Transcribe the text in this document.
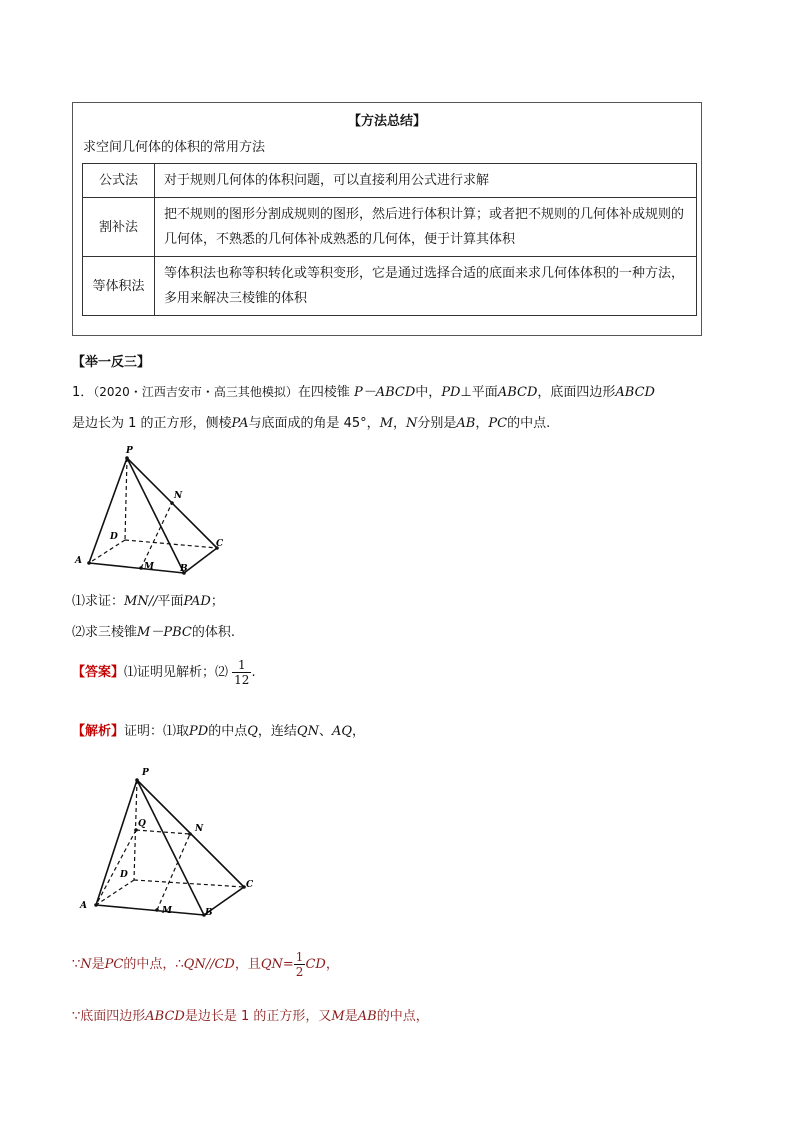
【方法总结】
求空间几何体的体积的常用方法
公式法	对于规则几何体的体积问题，可以直接利用公式进行求解
割补法	把不规则的图形分割成规则的图形，然后进行体积计算；或者把不规则的几何体补成规则的几何体，不熟悉的几何体补成熟悉的几何体，便于计算其体积
等体积法	等体积法也称等积转化或等积变形，它是通过选择合适的底面来求几何体体积的一种方法，多用来解决三棱锥的体积
【举一反三】
1．（2020・江西吉安市・高三其他模拟）在四棱锥 P－ABCD中，PD⊥平面ABCD，底面四边形ABCD
是边长为 1 的正方形，侧棱PA与底面成的角是 45°，M，N分别是AB，PC的中点.
P
N
D
C
A
M	B
⑴求证：MN//平面PAD；
⑵求三棱锥M－PBC的体积.
【答案】⑴证明见解析；⑵ $\frac{1}{12}$ .
【解析】证明：⑴取PD的中点Q，连结QN、AQ，
P
Q	N
D
C
A	M	B
∵N是PC的中点，∴QN//CD，且$QN= \frac{1}{2}$ CD，
∵底面四边形ABCD是边长是 1 的正方形，又M是AB的中点，
